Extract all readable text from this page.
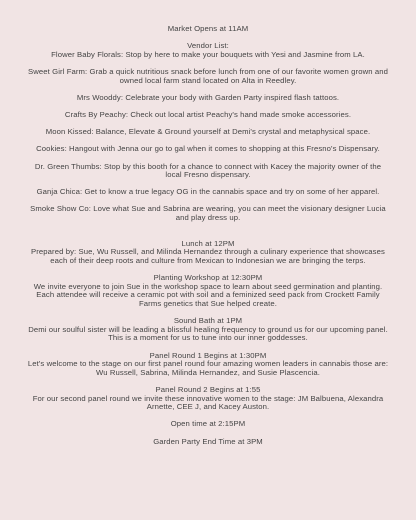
Market Opens at 11AM

Vendor List:

Flower Baby Florals: Stop by here to make your bouquets with Yesi and Jasmine from LA.

Sweet Girl Farm: Grab a quick nutritious snack before lunch from one of our favorite women grown and owned local farm stand located on Alta in Reedley.

Mrs Wooddy: Celebrate your body with Garden Party inspired flash tattoos.

Crafts By Peachy: Check out local artist Peachy's hand made smoke accessories.

Moon Kissed: Balance, Elevate & Ground yourself at Demi's crystal and metaphysical space.

Cookies: Hangout with Jenna our go to gal when it comes to shopping at this Fresno's Dispensary.

Dr. Green Thumbs: Stop by this booth for a chance to connect with Kacey the majority owner of the local Fresno dispensary.

Ganja Chica: Get to know a true legacy OG in the cannabis space and try on some of her apparel.

Smoke Show Co: Love what Sue and Sabrina are wearing, you can meet the visionary designer Lucia and play dress up.

Lunch at 12PM

Prepared by: Sue, Wu Russell, and Milinda Hernandez through a culinary experience that showcases each of their deep roots and culture from Mexican to Indonesian we are bringing the terps.

Planting Workshop at 12:30PM

We invite everyone to join Sue in the workshop space to learn about seed germination and planting. Each attendee will receive a ceramic pot with soil and a feminized seed pack from Crockett Family Farms genetics that Sue helped create.

Sound Bath at 1PM

Demi our soulful sister will be leading a blissful healing frequency to ground us for our upcoming panel. This is a moment for us to tune into our inner goddesses.

Panel Round 1 Begins at 1:30PM

Let's welcome to the stage on our first panel round four amazing women leaders in cannabis those are: Wu Russell, Sabrina, Milinda Hernandez, and Susie Plascencia.

Panel Round 2 Begins at 1:55

For our second panel round we invite these innovative women to the stage: JM Balbuena, Alexandra Arnette, CEE J, and Kacey Auston.

Open time at 2:15PM

Garden Party End Time at 3PM
